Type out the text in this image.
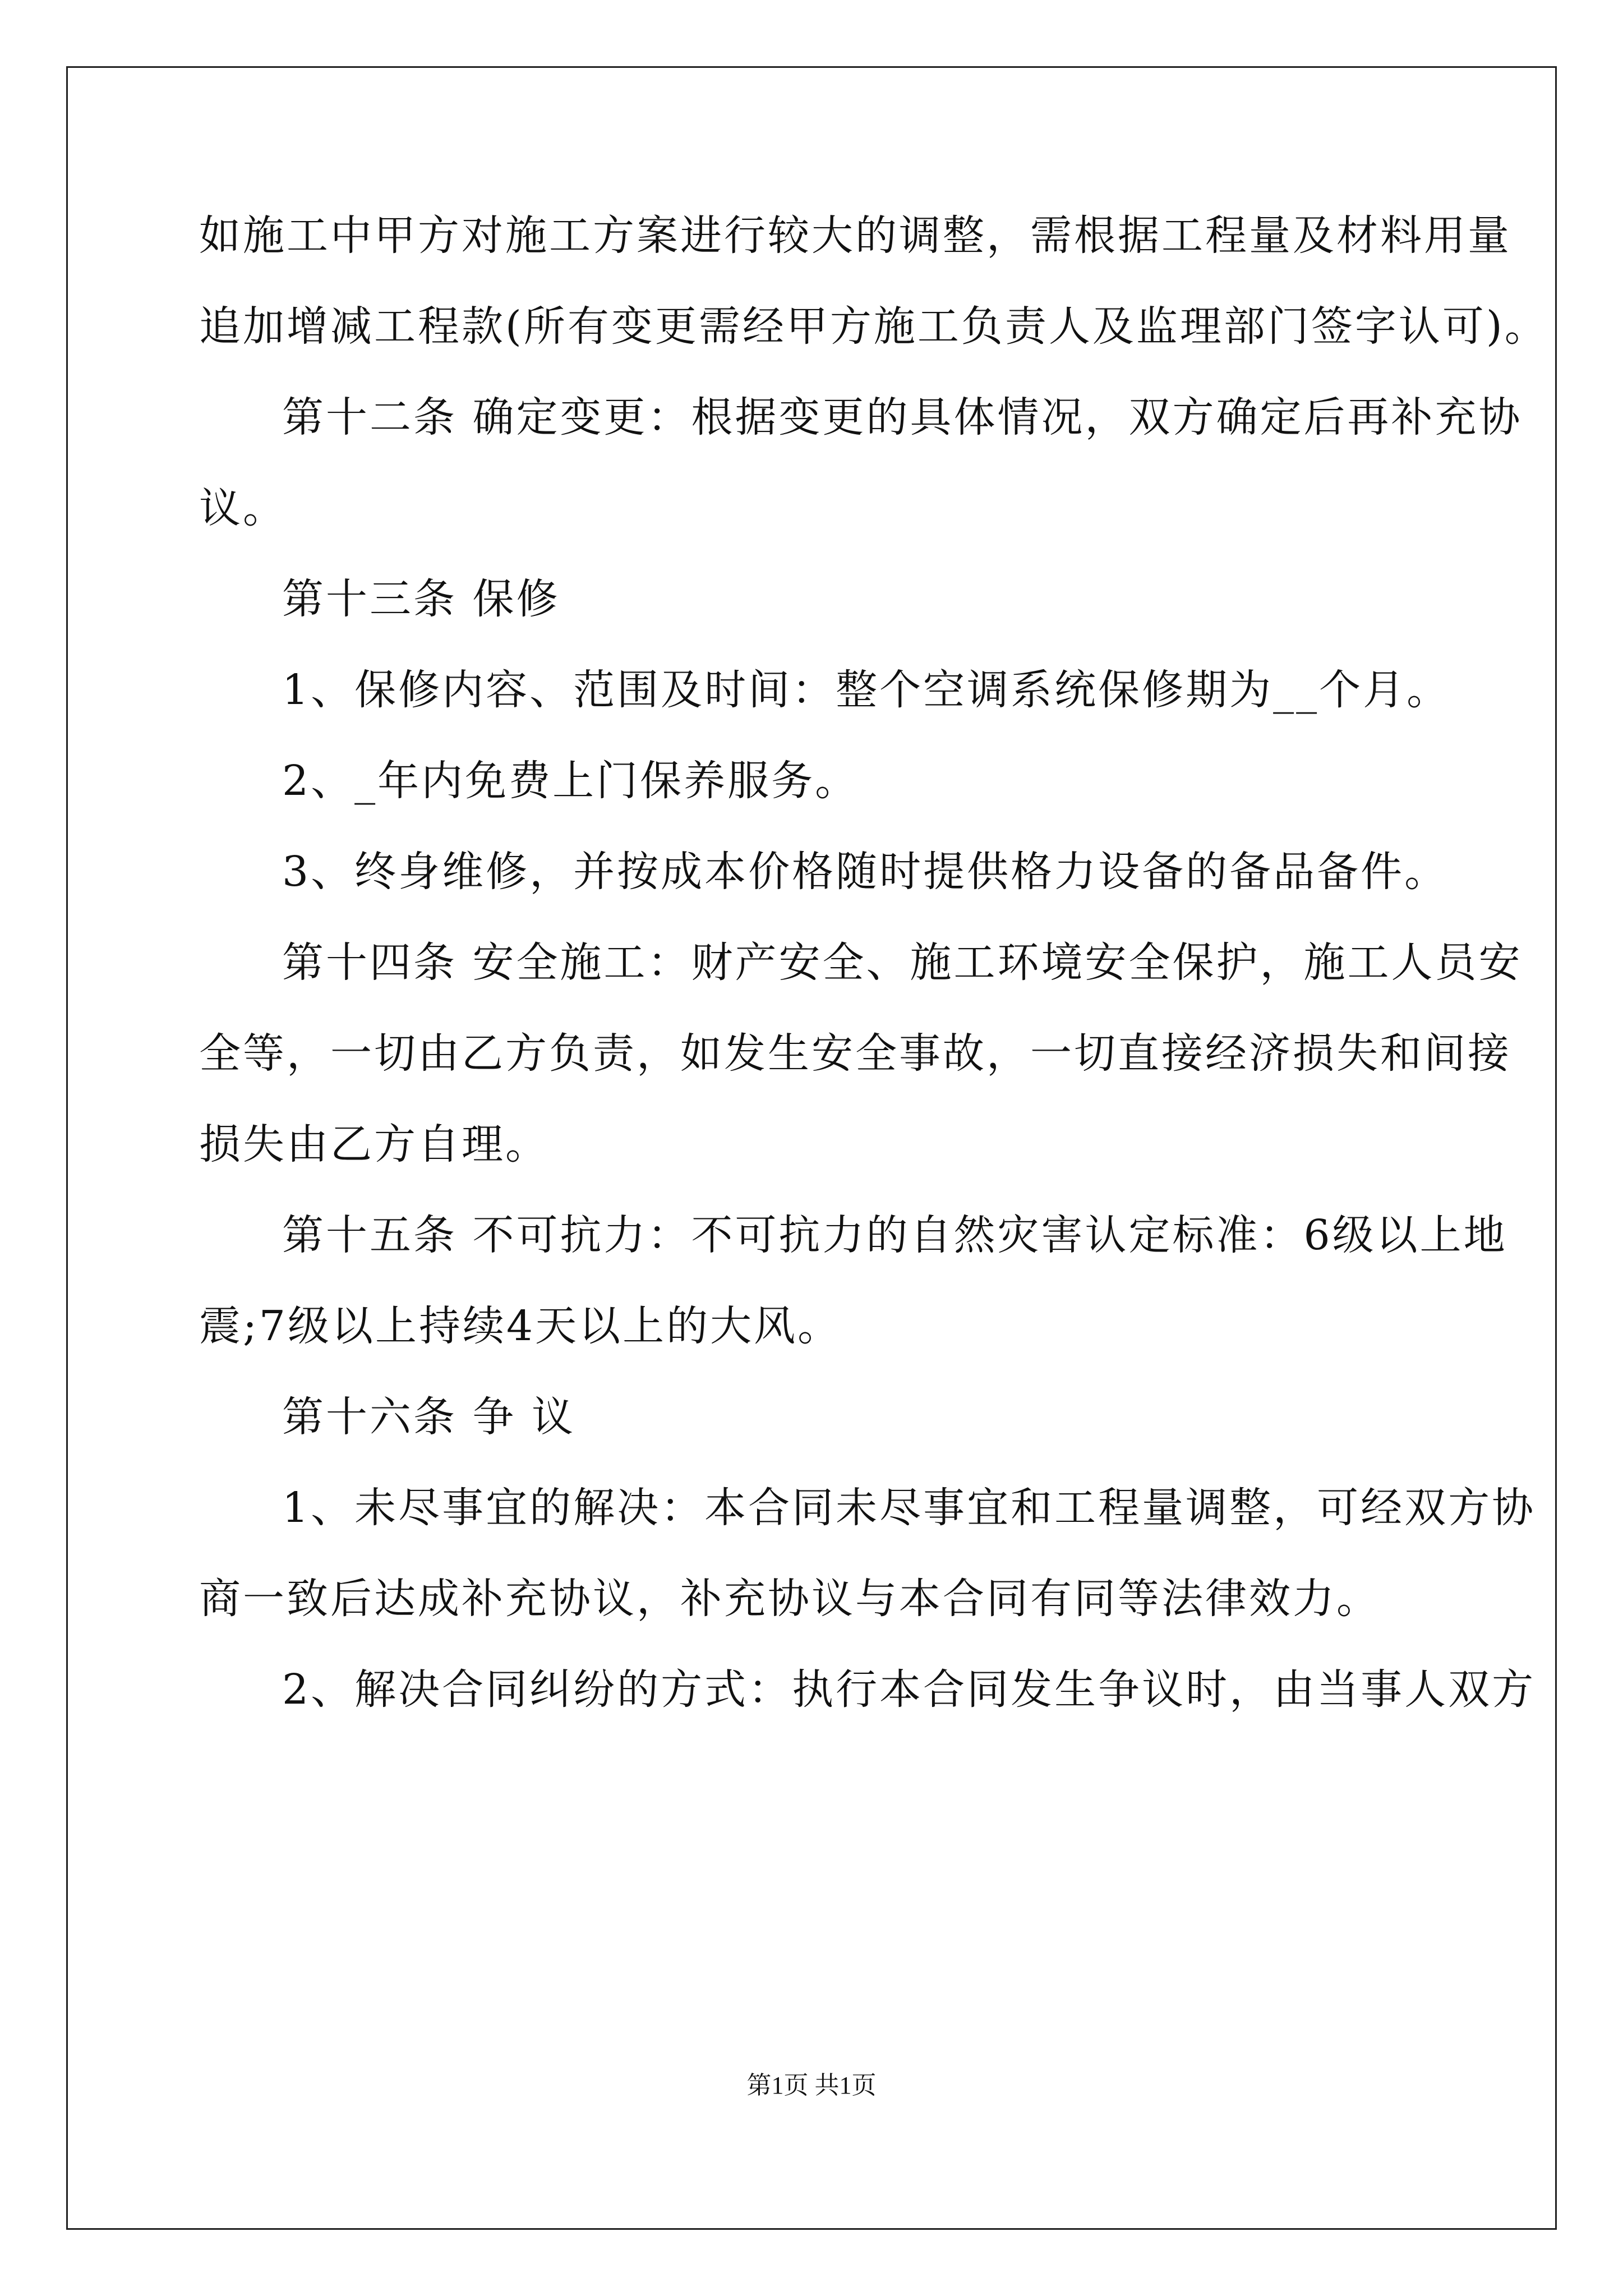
如施工中甲方对施工方案进行较大的调整，需根据工程量及材料用量
追加增减工程款(所有变更需经甲方施工负责人及监理部门签字认可)。
第十二条 确定变更：根据变更的具体情况，双方确定后再补充协
议。
第十三条 保修
1、保修内容、范围及时间：整个空调系统保修期为__个月。
2、_年内免费上门保养服务。
3、终身维修，并按成本价格随时提供格力设备的备品备件。
第十四条 安全施工：财产安全、施工环境安全保护，施工人员安
全等，一切由乙方负责，如发生安全事故，一切直接经济损失和间接
损失由乙方自理。
第十五条 不可抗力：不可抗力的自然灾害认定标准：6级以上地
震;7级以上持续4天以上的大风。
第十六条 争 议
1、未尽事宜的解决：本合同未尽事宜和工程量调整，可经双方协
商一致后达成补充协议，补充协议与本合同有同等法律效力。
2、解决合同纠纷的方式：执行本合同发生争议时，由当事人双方
第1页 共1页
